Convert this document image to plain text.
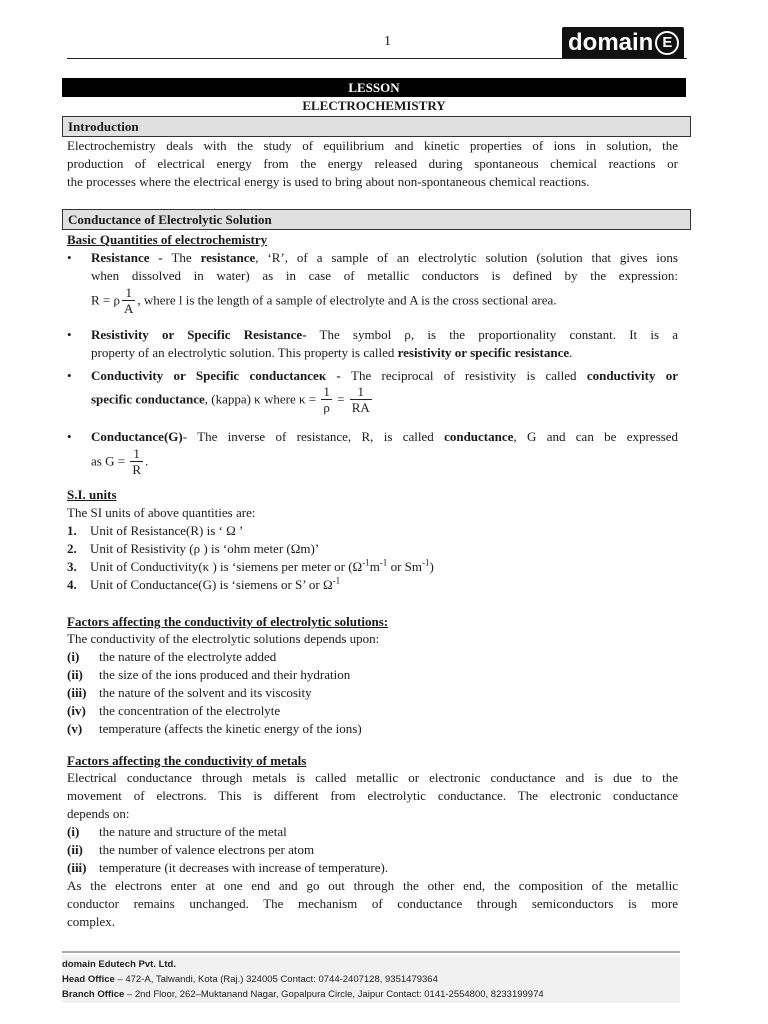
1	domain E
LESSON
ELECTROCHEMISTRY
Introduction
Electrochemistry deals with the study of equilibrium and kinetic properties of ions in solution, the
production of electrical energy from the energy released during spontaneous chemical reactions or
the processes where the electrical energy is used to bring about non-spontaneous chemical reactions.
Conductance of Electrolytic Solution
Basic Quantities of electrochemistry
• Resistance - The resistance, ‘R’, of a sample of an electrolytic solution (solution that gives ions
when dissolved in water) as in case of metallic conductors is defined by the expression:
R = ρ $\frac{1}{A}$ , where l is the length of a sample of electrolyte and A is the cross sectional area.
• Resistivity or Specific Resistance- The symbol ρ, is the proportionality constant. It is a
property of an electrolytic solution. This property is called resistivity or specific resistance.
• Conductivity or Specific conductanceκ - The reciprocal of resistivity is called conductivity or
specific conductance, (kappa) κ where $\kappa = \frac{1}{\rho} = \frac{1}{RA}$
• Conductance(G)- The inverse of resistance, R, is called conductance, G and can be expressed
as $G = \frac{1}{R}$ .
S.I. units
The SI units of above quantities are:
1. Unit of Resistance(R) is ‘ Ω ’
2. Unit of Resistivity (ρ ) is ‘ohm meter (Ωm)’
3. Unit of Conductivity(κ ) is ‘siemens per meter or ($\Omega^{-1}m^{-1}$ or $Sm^{-1}$)
4. Unit of Conductance(G) is ‘siemens or S’ or $\Omega^{-1}$
Factors affecting the conductivity of electrolytic solutions:
The conductivity of the electrolytic solutions depends upon:
(i) the nature of the electrolyte added
(ii) the size of the ions produced and their hydration
(iii) the nature of the solvent and its viscosity
(iv) the concentration of the electrolyte
(v) temperature (affects the kinetic energy of the ions)
Factors affecting the conductivity of metals
Electrical conductance through metals is called metallic or electronic conductance and is due to the
movement of electrons. This is different from electrolytic conductance. The electronic conductance
depends on:
(i) the nature and structure of the metal
(ii) the number of valence electrons per atom
(iii) temperature (it decreases with increase of temperature).
As the electrons enter at one end and go out through the other end, the composition of the metallic
conductor remains unchanged. The mechanism of conductance through semiconductors is more
complex.
domain Edutech Pvt. Ltd.
Head Office – 472-A, Talwandi, Kota (Raj.) 324005 Contact: 0744-2407128, 9351479364
Branch Office – 2nd Floor, 262–Muktanand Nagar, Gopalpura Circle, Jaipur Contact: 0141-2554800, 8233199974
